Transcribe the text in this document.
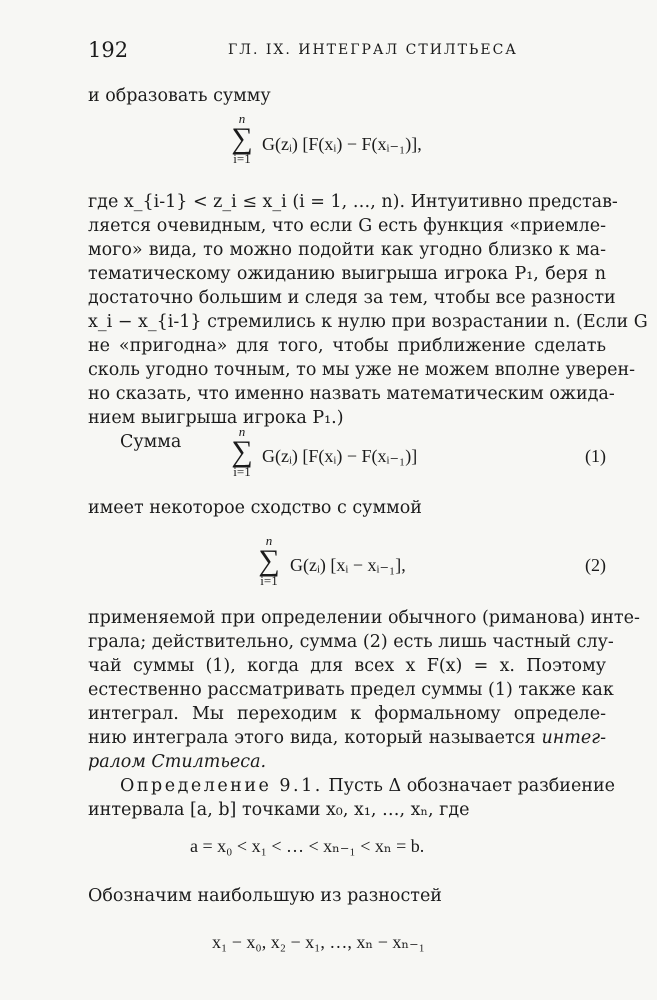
192	ГЛ. IX. ИНТЕГРАЛ СТИЛТЬЕСА
и образовать сумму
n
∑
i=1
G(zᵢ) [F(xᵢ) − F(xᵢ₋₁)],
где x_{i-1} < z_i ≤ x_i (i = 1, …, n). Интуитивно представ-
ляется очевидным, что если G есть функция «приемле-
мого» вида, то можно подойти как угодно близко к ма-
тематическому ожиданию выигрыша игрока P₁, беря n
достаточно большим и следя за тем, чтобы все разности
x_i − x_{i-1} стремились к нулю при возрастании n. (Если G
не «пригодна» для того, чтобы приближение сделать
сколь угодно точным, то мы уже не можем вполне уверен-
но сказать, что именно назвать математическим ожида-
нием выигрыша игрока P₁.)
Сумма
n
∑
i=1
G(zᵢ) [F(xᵢ) − F(xᵢ₋₁)]	(1)
имеет некоторое сходство с суммой
n
∑
i=1
G(zᵢ) [xᵢ − xᵢ₋₁],	(2)
применяемой при определении обычного (риманова) инте-
грала; действительно, сумма (2) есть лишь частный слу-
чай суммы (1), когда для всех x F(x) = x. Поэтому
естественно рассматривать предел суммы (1) также как
интеграл. Мы переходим к формальному определе-
нию интеграла этого вида, который называется интег-
ралом Стилтьеса.
Определение 9.1. Пусть Δ обозначает разбиение
интервала [a, b] точками x₀, x₁, …, xₙ, где
a = x₀ < x₁ < … < xₙ₋₁ < xₙ = b.
Обозначим наибольшую из разностей
x₁ − x₀, x₂ − x₁, …, xₙ − xₙ₋₁
